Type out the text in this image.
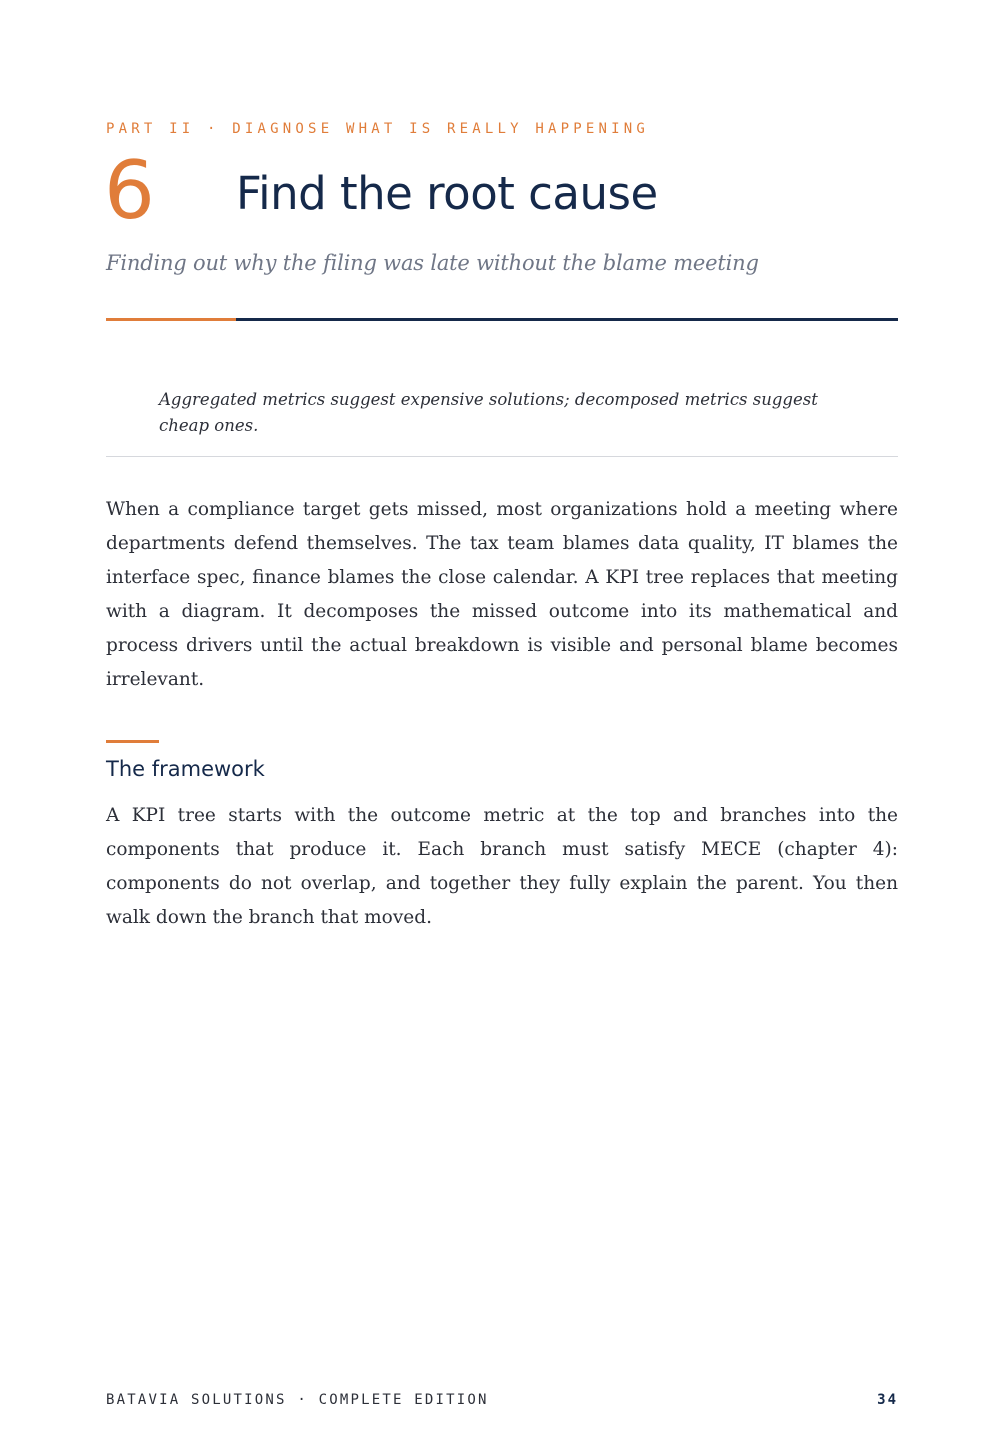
PART II · DIAGNOSE WHAT IS REALLY HAPPENING
6 Find the root cause
Finding out why the filing was late without the blame meeting
Aggregated metrics suggest expensive solutions; decomposed metrics suggest cheap ones.

When a compliance target gets missed, most organizations hold a meeting where departments defend themselves. The tax team blames data quality, IT blames the interface spec, finance blames the close calendar. A KPI tree replaces that meeting with a diagram. It decomposes the missed outcome into its mathematical and process drivers until the actual breakdown is visible and personal blame becomes irrelevant.

The framework

A KPI tree starts with the outcome metric at the top and branches into the components that produce it. Each branch must satisfy MECE (chapter 4): components do not overlap, and together they fully explain the parent. You then walk down the branch that moved.

BATAVIA SOLUTIONS · COMPLETE EDITION	34
